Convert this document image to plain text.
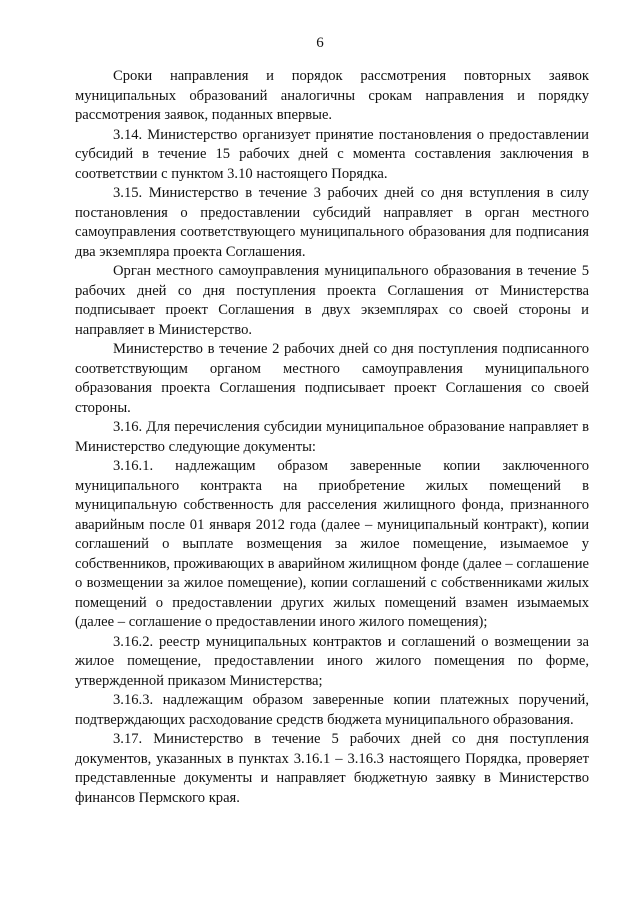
6

Сроки направления и порядок рассмотрения повторных заявок муниципальных образований аналогичны срокам направления и порядку рассмотрения заявок, поданных впервые.

3.14. Министерство организует принятие постановления о предоставлении субсидий в течение 15 рабочих дней с момента составления заключения в соответствии с пунктом 3.10 настоящего Порядка.

3.15. Министерство в течение 3 рабочих дней со дня вступления в силу постановления о предоставлении субсидий направляет в орган местного самоуправления соответствующего муниципального образования для подписания два экземпляра проекта Соглашения.

Орган местного самоуправления муниципального образования в течение 5 рабочих дней со дня поступления проекта Соглашения от Министерства подписывает проект Соглашения в двух экземплярах со своей стороны и направляет в Министерство.

Министерство в течение 2 рабочих дней со дня поступления подписанного соответствующим органом местного самоуправления муниципального образования проекта Соглашения подписывает проект Соглашения со своей стороны.

3.16. Для перечисления субсидии муниципальное образование направляет в Министерство следующие документы:

3.16.1. надлежащим образом заверенные копии заключенного муниципального контракта на приобретение жилых помещений в муниципальную собственность для расселения жилищного фонда, признанного аварийным после 01 января 2012 года (далее – муниципальный контракт), копии соглашений о выплате возмещения за жилое помещение, изымаемое у собственников, проживающих в аварийном жилищном фонде (далее – соглашение о возмещении за жилое помещение), копии соглашений с собственниками жилых помещений о предоставлении других жилых помещений взамен изымаемых (далее – соглашение о предоставлении иного жилого помещения);

3.16.2. реестр муниципальных контрактов и соглашений о возмещении за жилое помещение, предоставлении иного жилого помещения по форме, утвержденной приказом Министерства;

3.16.3. надлежащим образом заверенные копии платежных поручений, подтверждающих расходование средств бюджета муниципального образования.

3.17. Министерство в течение 5 рабочих дней со дня поступления документов, указанных в пунктах 3.16.1 – 3.16.3 настоящего Порядка, проверяет представленные документы и направляет бюджетную заявку в Министерство финансов Пермского края.
